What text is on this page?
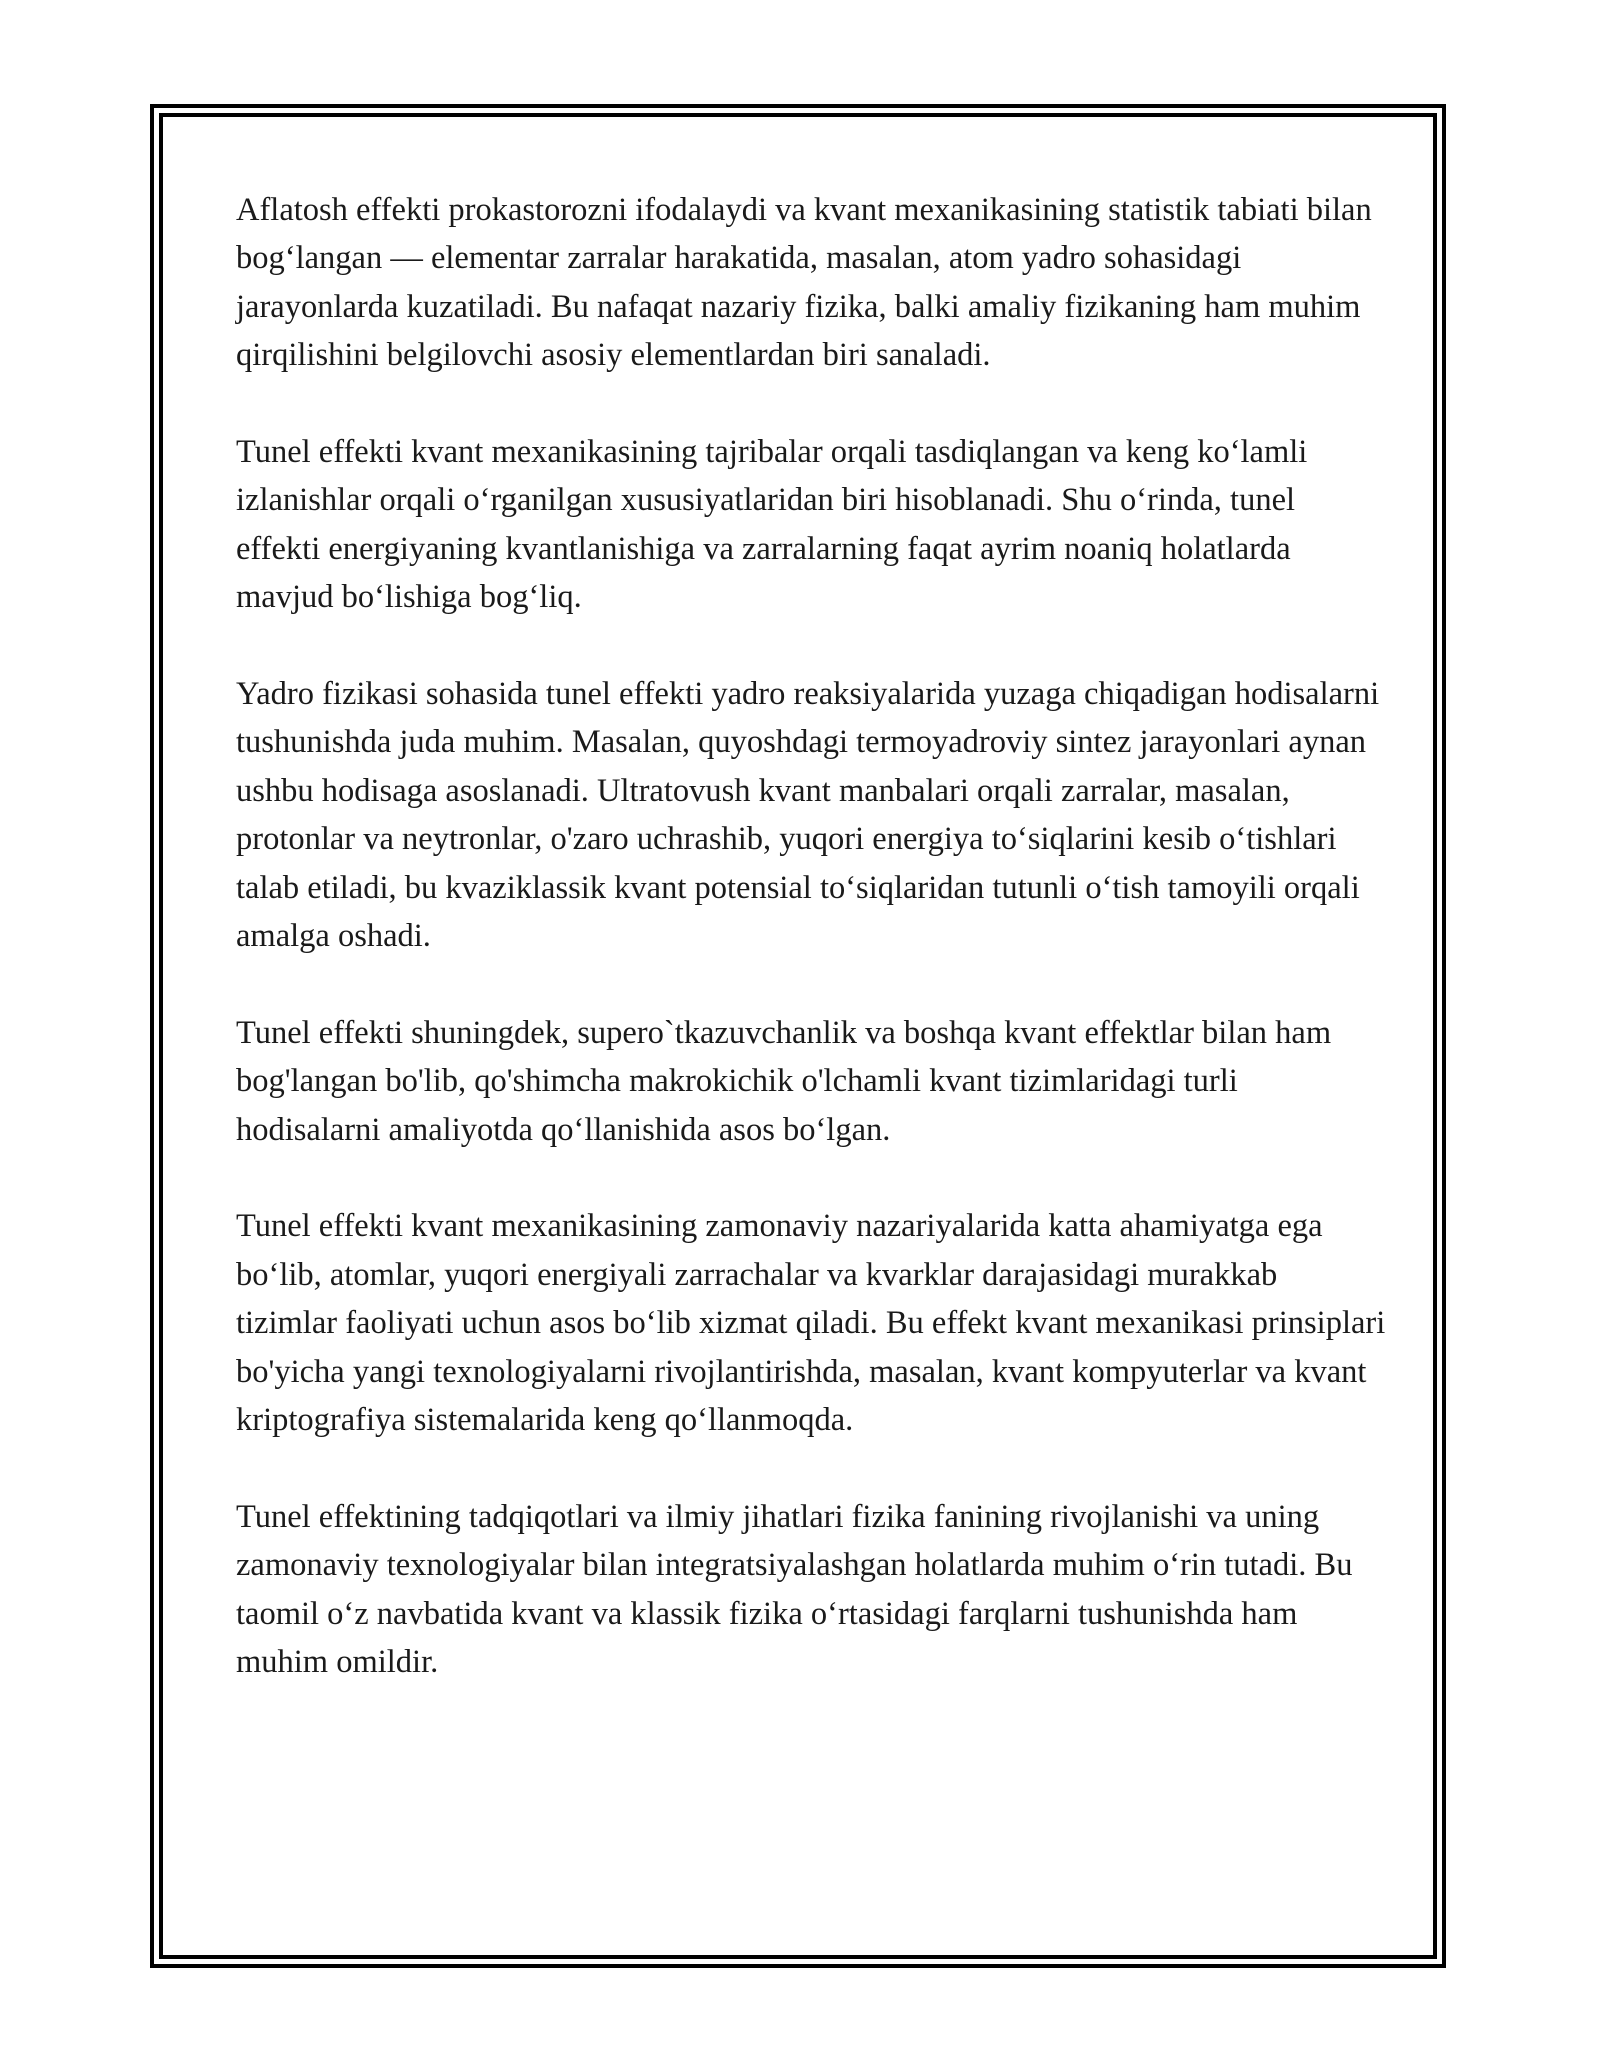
Aflatosh effekti prokastorozni ifodalaydi va kvant mexanikasining statistik tabiati bilan bog‘langan — elementar zarralar harakatida, masalan, atom yadro sohasidagi jarayonlarda kuzatiladi. Bu nafaqat nazariy fizika, balki amaliy fizikaning ham muhim qirqilishini belgilovchi asosiy elementlardan biri sanaladi.

Tunel effekti kvant mexanikasining tajribalar orqali tasdiqlangan va keng ko‘lamli izlanishlar orqali o‘rganilgan xususiyatlaridan biri hisoblanadi. Shu o‘rinda, tunel effekti energiyaning kvantlanishiga va zarralarning faqat ayrim noaniq holatlarda mavjud bo‘lishiga bog‘liq.

Yadro fizikasi sohasida tunel effekti yadro reaksiyalarida yuzaga chiqadigan hodisalarni tushunishda juda muhim. Masalan, quyoshdagi termoyadroviy sintez jarayonlari aynan ushbu hodisaga asoslanadi. Ultratovush kvant manbalari orqali zarralar, masalan, protonlar va neytronlar, o'zaro uchrashib, yuqori energiya to‘siqlarini kesib o‘tishlari talab etiladi, bu kvaziklassik kvant potensial to‘siqlaridan tutunli o‘tish tamoyili orqali amalga oshadi.

Tunel effekti shuningdek, supero`tkazuvchanlik va boshqa kvant effektlar bilan ham bog'langan bo'lib, qo'shimcha makrokichik o'lchamli kvant tizimlaridagi turli hodisalarni amaliyotda qo‘llanishida asos bo‘lgan.

Tunel effekti kvant mexanikasining zamonaviy nazariyalarida katta ahamiyatga ega bo‘lib, atomlar, yuqori energiyali zarrachalar va kvarklar darajasidagi murakkab tizimlar faoliyati uchun asos bo‘lib xizmat qiladi. Bu effekt kvant mexanikasi prinsiplari bo'yicha yangi texnologiyalarni rivojlantirishda, masalan, kvant kompyuterlar va kvant kriptografiya sistemalarida keng qo‘llanmoqda.

Tunel effektining tadqiqotlari va ilmiy jihatlari fizika fanining rivojlanishi va uning zamonaviy texnologiyalar bilan integratsiyalashgan holatlarda muhim o‘rin tutadi. Bu taomil o‘z navbatida kvant va klassik fizika o‘rtasidagi farqlarni tushunishda ham muhim omildir.
